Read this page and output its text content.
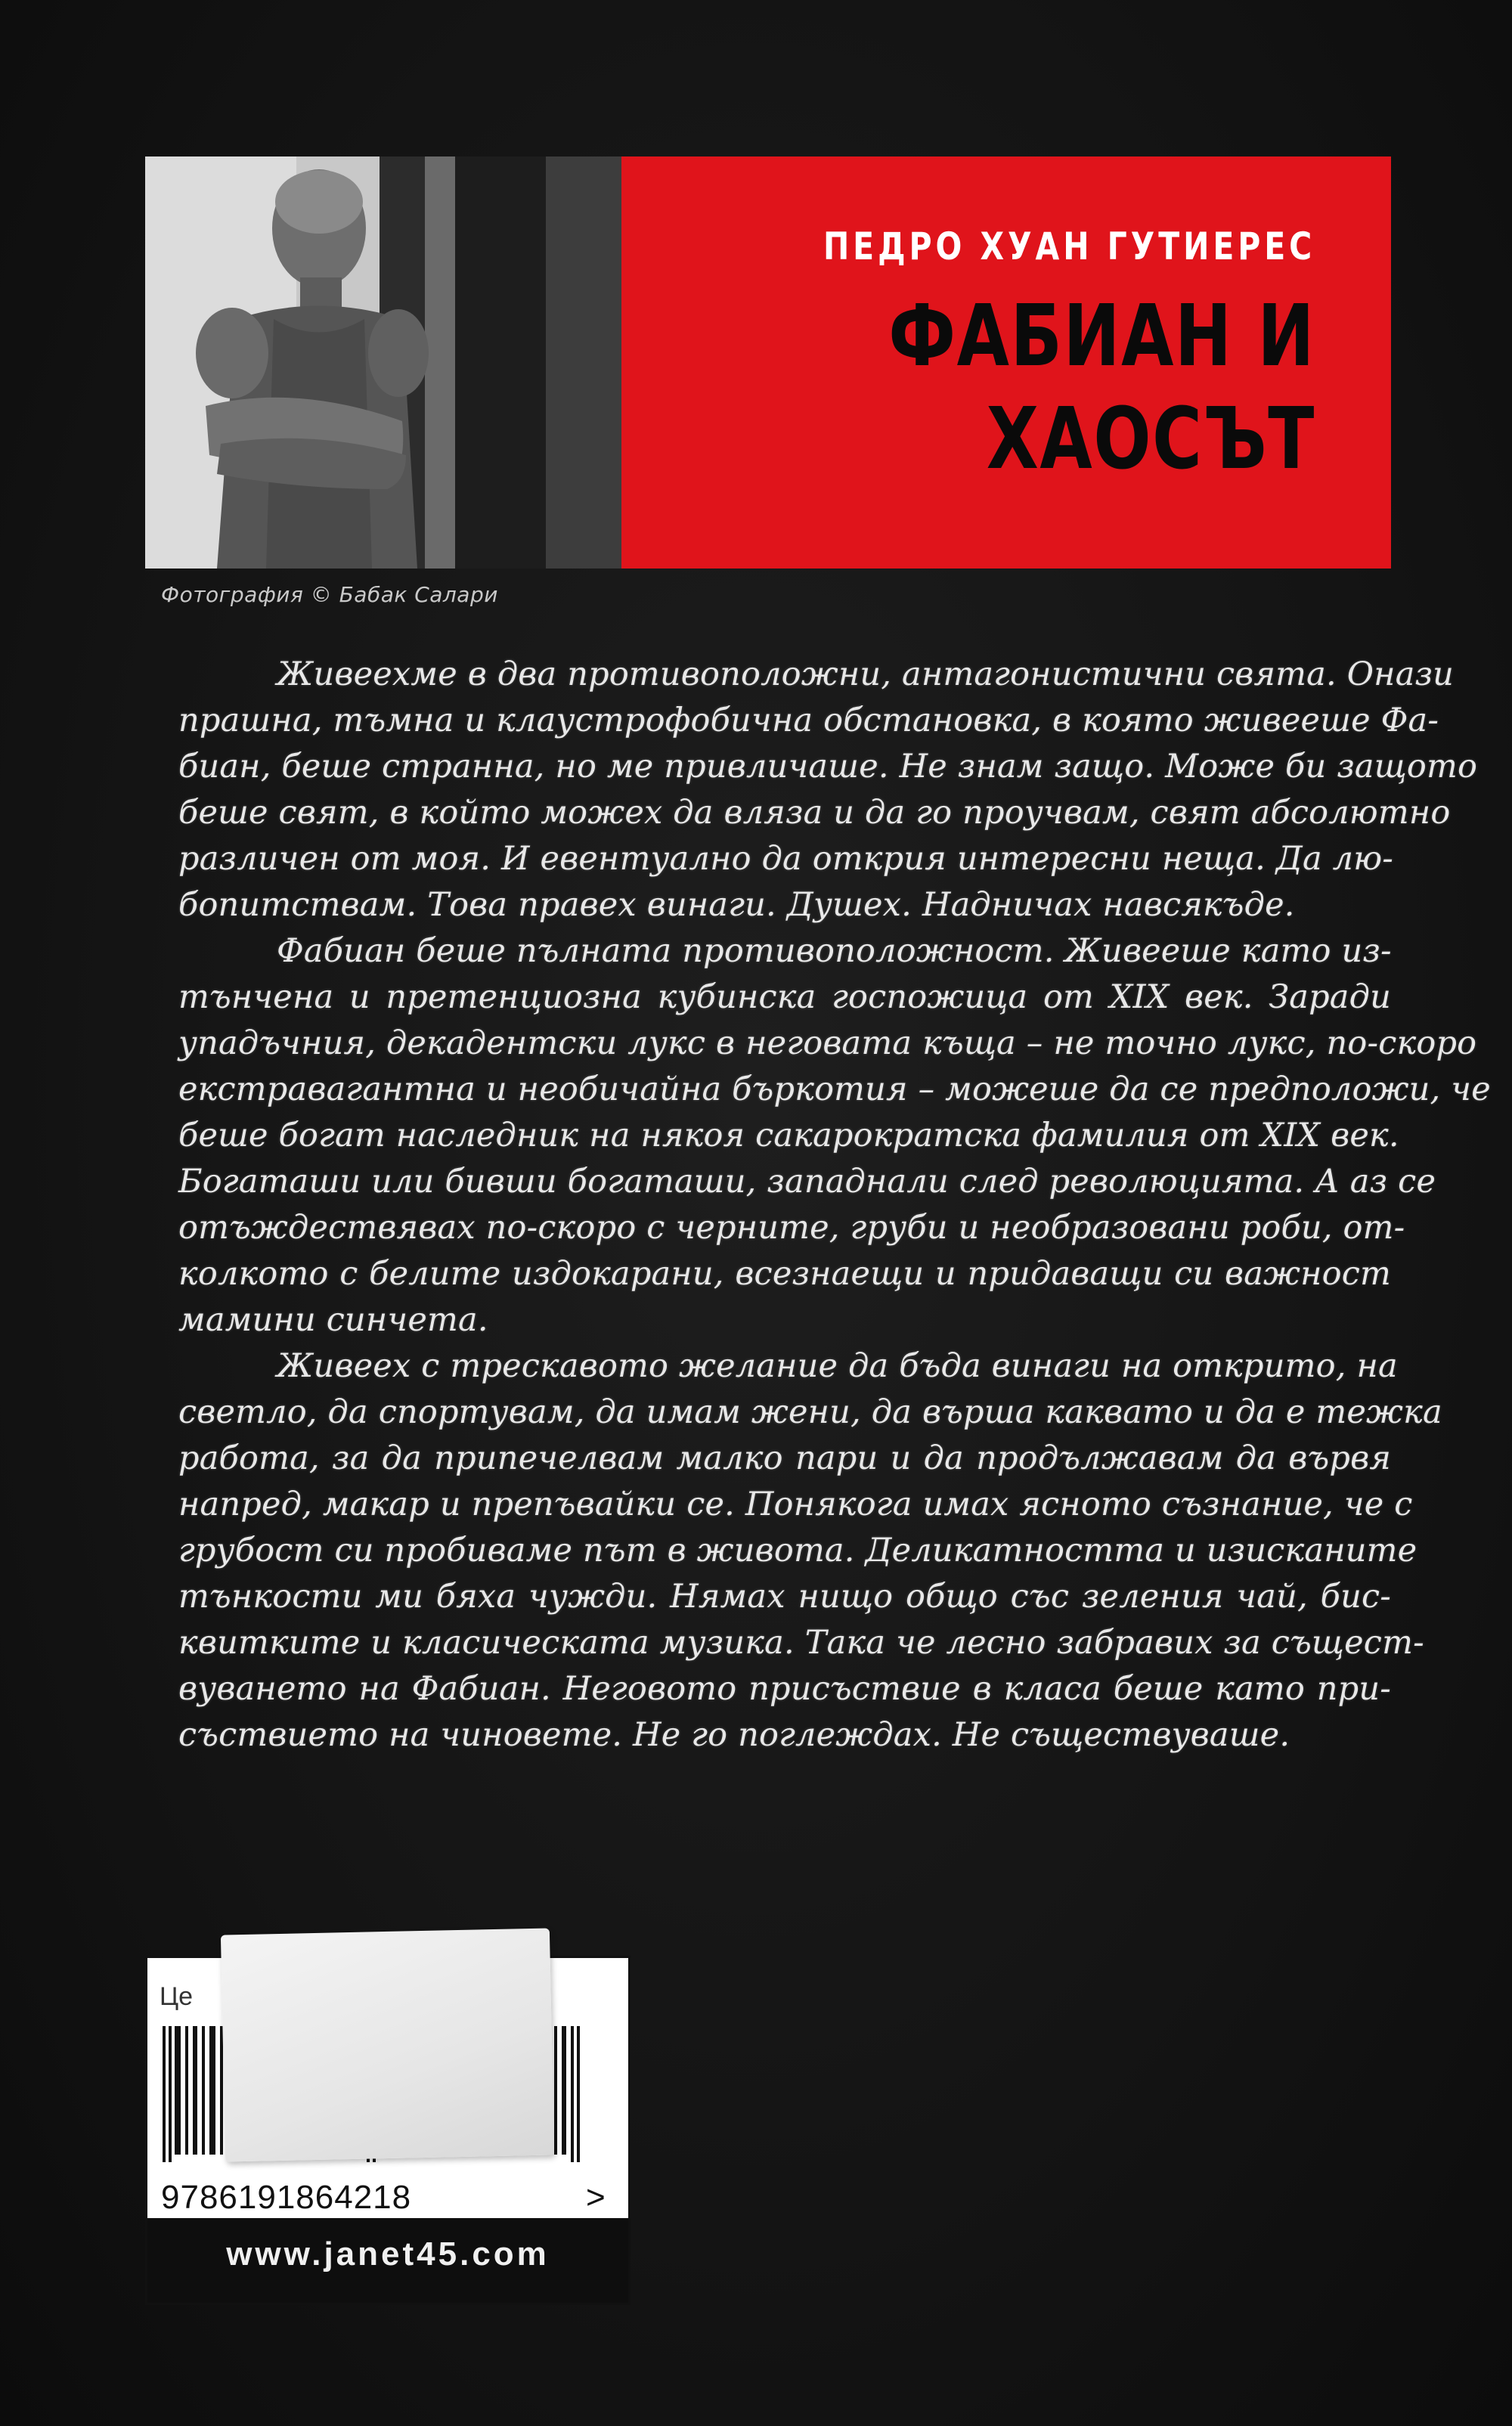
ПЕДРО ХУАН ГУТИЕРЕС
ФАБИАН И
ХАОСЪТ
Фотография © Бабак Салари
Живеехме в два противоположни, антагонистични свята. Онази
прашна, тъмна и клаустрофобична обстановка, в която живееше Фа-
биан, беше странна, но ме привличаше. Не знам защо. Може би защото
беше свят, в който можех да вляза и да го проучвам, свят абсолютно
различен от моя. И евентуално да открия интересни неща. Да лю-
бопитствам. Това правех винаги. Душех. Надничах навсякъде.
Фабиан беше пълната противоположност. Живееше като из-
тънчена и претенциозна кубинска госпожица от XIX век. Заради
упадъчния, декадентски лукс в неговата къща – не точно лукс, по-скоро
екстравагантна и необичайна бъркотия – можеше да се предположи, че
беше богат наследник на някоя сакарократска фамилия от XIX век.
Богаташи или бивши богаташи, западнали след революцията. А аз се
отъждествявах по-скоро с черните, груби и необразовани роби, от-
колкото с белите издокарани, всезнаещи и придаващи си важност
мамини синчета.
Живеех с трескавото желание да бъда винаги на открито, на
светло, да спортувам, да имам жени, да върша каквато и да е тежка
работа, за да припечелвам малко пари и да продължавам да вървя
напред, макар и препъвайки се. Понякога имах ясното съзнание, че с
грубост си пробиваме път в живота. Деликатността и изисканите
тънкости ми бяха чужди. Нямах нищо общо със зеления чай, бис-
квитките и класическата музика. Така че лесно забравих за същест-
вуването на Фабиан. Неговото присъствие в класа беше като при-
съствието на чиновете. Не го поглеждах. Не съществуваше.
Це
9786191864218	>
www.janet45.com
